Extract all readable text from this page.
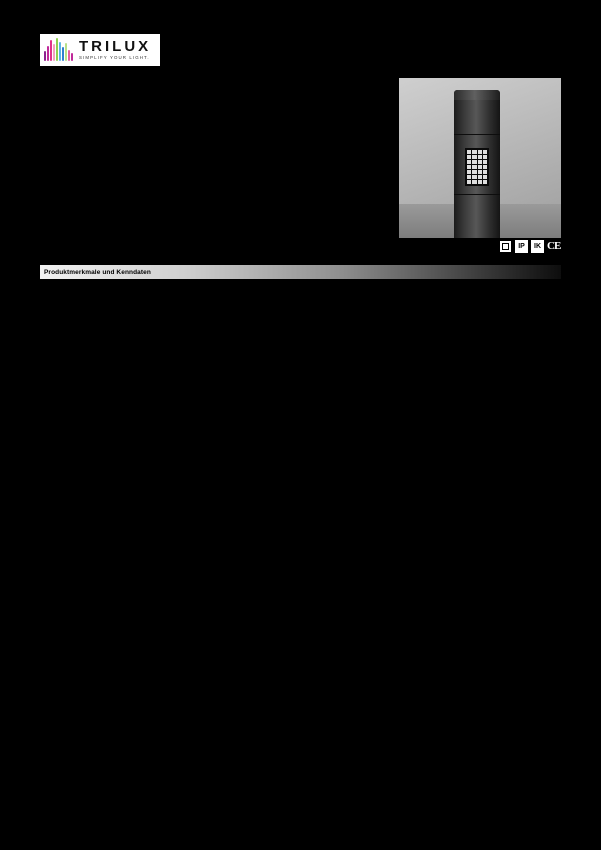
TRILUX
SIMPLIFY YOUR LIGHT.
IP	IK CE
Produktmerkmale und Kenndaten
